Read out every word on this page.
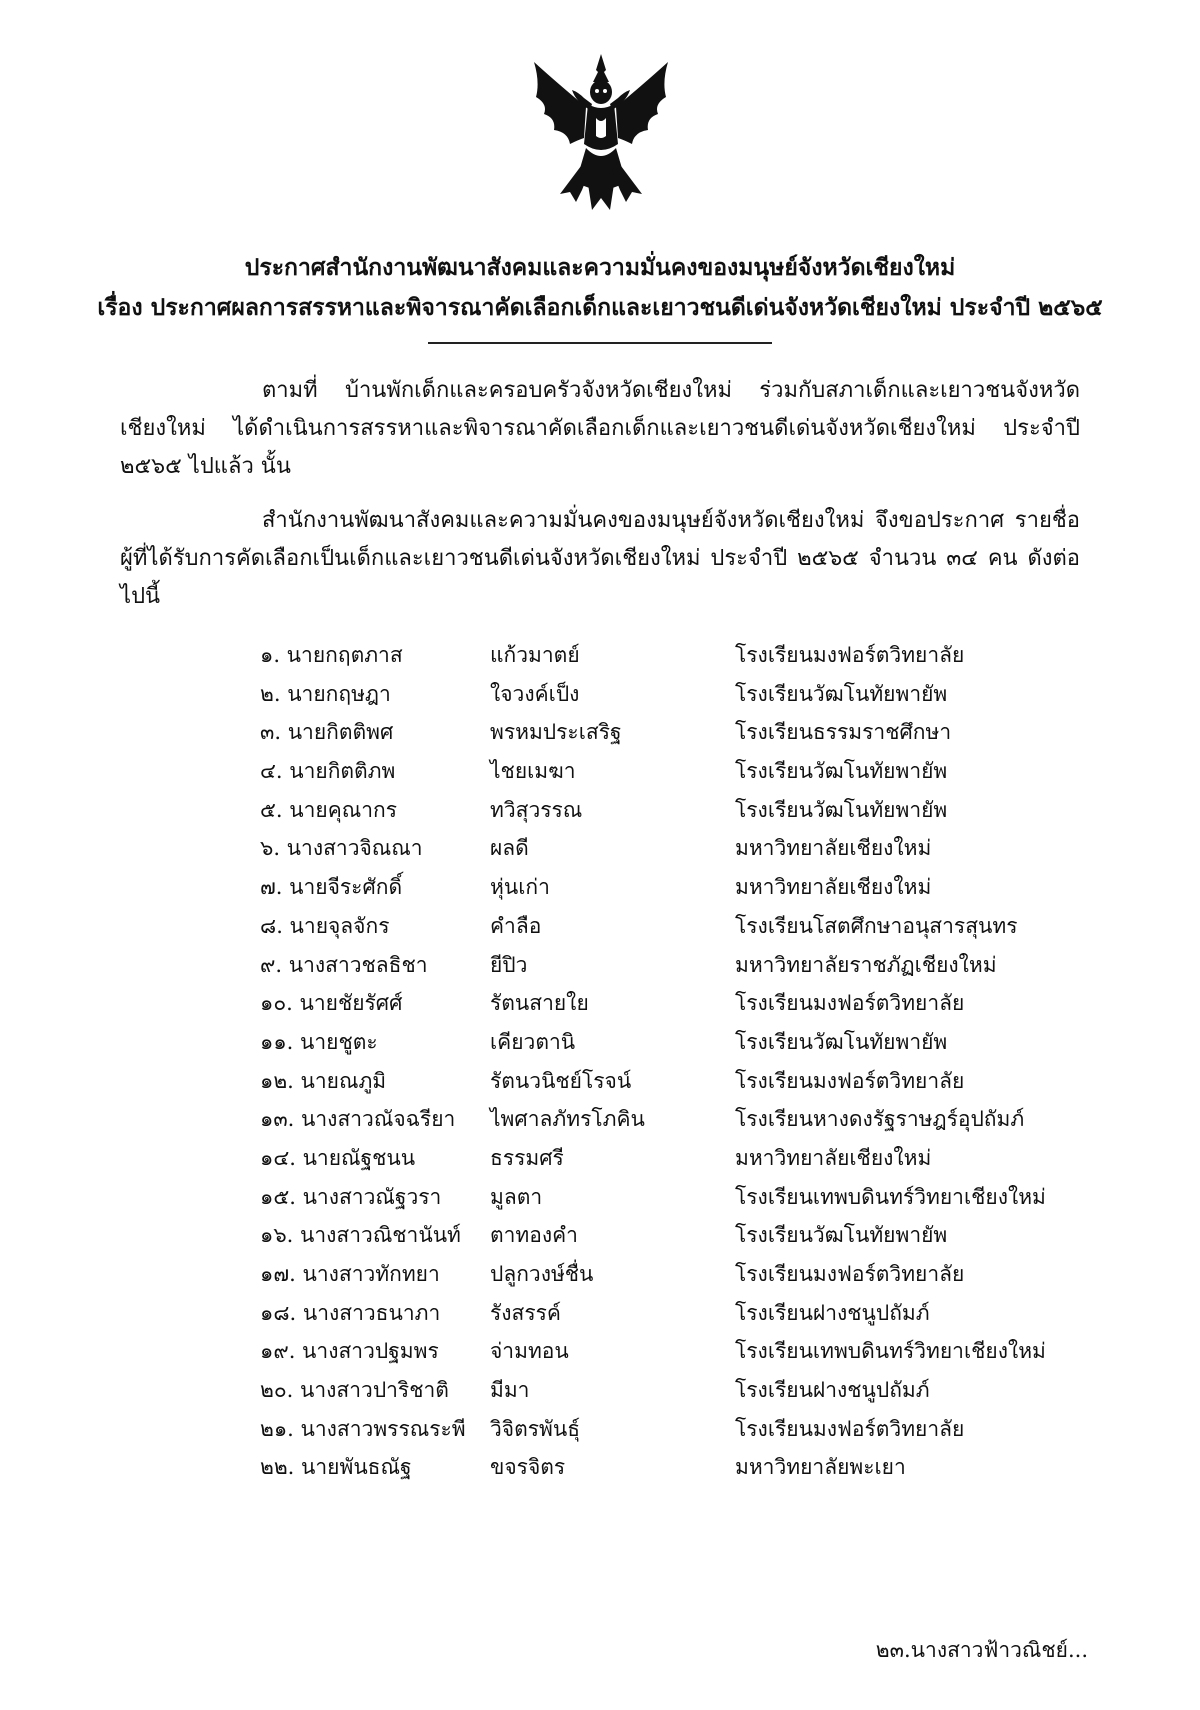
ประกาศสำนักงานพัฒนาสังคมและความมั่นคงของมนุษย์จังหวัดเชียงใหม่
เรื่อง ประกาศผลการสรรหาและพิจารณาคัดเลือกเด็กและเยาวชนดีเด่นจังหวัดเชียงใหม่ ประจำปี ๒๕๖๕
ตามที่ บ้านพักเด็กและครอบครัวจังหวัดเชียงใหม่ ร่วมกับสภาเด็กและเยาวชนจังหวัด เชียงใหม่ ได้ดำเนินการสรรหาและพิจารณาคัดเลือกเด็กและเยาวชนดีเด่นจังหวัดเชียงใหม่ ประจำปี ๒๕๖๕ ไปแล้ว นั้น
สำนักงานพัฒนาสังคมและความมั่นคงของมนุษย์จังหวัดเชียงใหม่ จึงขอประกาศ รายชื่อผู้ที่ได้รับการคัดเลือกเป็นเด็กและเยาวชนดีเด่นจังหวัดเชียงใหม่ ประจำปี ๒๕๖๕ จำนวน ๓๔ คน ดังต่อไปนี้
๑. นายกฤตภาส	แก้วมาตย์	โรงเรียนมงฟอร์ตวิทยาลัย
๒. นายกฤษฎา	ใจวงค์เป็ง	โรงเรียนวัฒโนทัยพายัพ
๓. นายกิตติพศ	พรหมประเสริฐ	โรงเรียนธรรมราชศึกษา
๔. นายกิตติภพ	ไชยเมฆา	โรงเรียนวัฒโนทัยพายัพ
๕. นายคุณากร	ทวิสุวรรณ	โรงเรียนวัฒโนทัยพายัพ
๖. นางสาวจิณณา	ผลดี	มหาวิทยาลัยเชียงใหม่
๗. นายจีระศักดิ์	หุ่นเก่า	มหาวิทยาลัยเชียงใหม่
๘. นายจุลจักร	คำลือ	โรงเรียนโสตศึกษาอนุสารสุนทร
๙. นางสาวชลธิชา	ยีปิว	มหาวิทยาลัยราชภัฏเชียงใหม่
๑๐. นายชัยรัศศ์	รัตนสายใย	โรงเรียนมงฟอร์ตวิทยาลัย
๑๑. นายชูตะ	เคียวตานิ	โรงเรียนวัฒโนทัยพายัพ
๑๒. นายณภูมิ	รัตนวนิชย์โรจน์	โรงเรียนมงฟอร์ตวิทยาลัย
๑๓. นางสาวณัจฉรียา	ไพศาลภัทรโภคิน	โรงเรียนหางดงรัฐราษฎร์อุปถัมภ์
๑๔. นายณัฐชนน	ธรรมศรี	มหาวิทยาลัยเชียงใหม่
๑๕. นางสาวณัฐวรา	มูลตา	โรงเรียนเทพบดินทร์วิทยาเชียงใหม่
๑๖. นางสาวณิชานันท์	ตาทองคำ	โรงเรียนวัฒโนทัยพายัพ
๑๗. นางสาวทักทยา	ปลูกวงษ์ชื่น	โรงเรียนมงฟอร์ตวิทยาลัย
๑๘. นางสาวธนาภา	รังสรรค์	โรงเรียนฝางชนูปถัมภ์
๑๙. นางสาวปฐมพร	จ่ามทอน	โรงเรียนเทพบดินทร์วิทยาเชียงใหม่
๒๐. นางสาวปาริชาติ	มีมา	โรงเรียนฝางชนูปถัมภ์
๒๑. นางสาวพรรณระพี	วิจิตรพันธุ์	โรงเรียนมงฟอร์ตวิทยาลัย
๒๒. นายพันธณัฐ	ขจรจิตร	มหาวิทยาลัยพะเยา
๒๓.นางสาวฟ้าวณิชย์...
